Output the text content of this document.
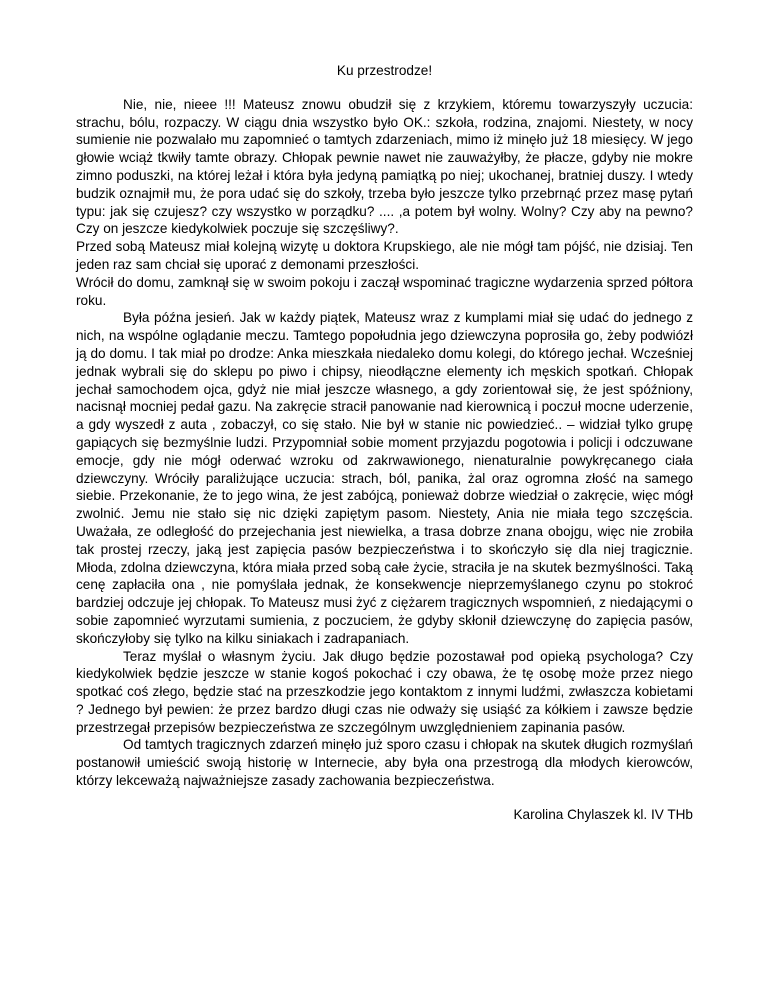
Ku przestrodze!

Nie, nie, nieee !!! Mateusz znowu obudził się z krzykiem, któremu towarzyszyły uczucia: strachu, bólu, rozpaczy. W ciągu dnia wszystko było OK.: szkoła, rodzina, znajomi. Niestety, w nocy sumienie nie pozwalało mu zapomnieć o tamtych zdarzeniach, mimo iż minęło już 18 miesięcy. W jego głowie wciąż tkwiły tamte obrazy. Chłopak pewnie nawet nie zauważyłby, że płacze, gdyby nie mokre zimno poduszki, na której leżał i która była jedyną pamiątką po niej; ukochanej, bratniej duszy. I wtedy budzik oznajmił mu, że pora udać się do szkoły, trzeba było jeszcze tylko przebrnąć przez masę pytań typu: jak się czujesz? czy wszystko w porządku? .... ,a potem był wolny. Wolny? Czy aby na pewno? Czy on jeszcze kiedykolwiek poczuje się szczęśliwy?.

Przed sobą Mateusz miał kolejną wizytę u doktora Krupskiego, ale nie mógł tam pójść, nie dzisiaj. Ten jeden raz sam chciał się uporać z demonami przeszłości.

Wrócił do domu, zamknął się w swoim pokoju i zaczął wspominać tragiczne wydarzenia sprzed półtora roku.

Była późna jesień. Jak w każdy piątek, Mateusz wraz z kumplami miał się udać do jednego z nich, na wspólne oglądanie meczu. Tamtego popołudnia jego dziewczyna poprosiła go, żeby podwiózł ją do domu. I tak miał po drodze: Anka mieszkała niedaleko domu kolegi, do którego jechał. Wcześniej jednak wybrali się do sklepu po piwo i chipsy, nieodłączne elementy ich męskich spotkań. Chłopak jechał samochodem ojca, gdyż nie miał jeszcze własnego, a gdy zorientował się, że jest spóźniony, nacisnął mocniej pedał gazu. Na zakręcie stracił panowanie nad kierownicą i poczuł mocne uderzenie, a gdy wyszedł z auta , zobaczył, co się stało. Nie był w stanie nic powiedzieć.. – widział tylko grupę gapiących się bezmyślnie ludzi. Przypomniał sobie moment przyjazdu pogotowia i policji i odczuwane emocje, gdy nie mógł oderwać wzroku od zakrwawionego, nienaturalnie powykręcanego ciała dziewczyny. Wróciły paraliżujące uczucia: strach, ból, panika, żal oraz ogromna złość na samego siebie. Przekonanie, że to jego wina, że jest zabójcą, ponieważ dobrze wiedział o zakręcie, więc mógł zwolnić. Jemu nie stało się nic dzięki zapiętym pasom. Niestety, Ania nie miała tego szczęścia. Uważała, ze odległość do przejechania jest niewielka, a trasa dobrze znana obojgu, więc nie zrobiła tak prostej rzeczy, jaką jest zapięcia pasów bezpieczeństwa i to skończyło się dla niej tragicznie. Młoda, zdolna dziewczyna, która miała przed sobą całe życie, straciła je na skutek bezmyślności. Taką cenę zapłaciła ona , nie pomyślała jednak, że konsekwencje nieprzemyślanego czynu po stokroć bardziej odczuje jej chłopak. To Mateusz musi żyć z ciężarem tragicznych wspomnień, z niedającymi o sobie zapomnieć wyrzutami sumienia, z poczuciem, że gdyby skłonił dziewczynę do zapięcia pasów, skończyłoby się tylko na kilku siniakach i zadrapaniach.

Teraz myślał o własnym życiu. Jak długo będzie pozostawał pod opieką psychologa? Czy kiedykolwiek będzie jeszcze w stanie kogoś pokochać i czy obawa, że tę osobę może przez niego spotkać coś złego, będzie stać na przeszkodzie jego kontaktom z innymi ludźmi, zwłaszcza kobietami ? Jednego był pewien: że przez bardzo długi czas nie odważy się usiąść za kółkiem i zawsze będzie przestrzegał przepisów bezpieczeństwa ze szczególnym uwzględnieniem zapinania pasów.

Od tamtych tragicznych zdarzeń minęło już sporo czasu i chłopak na skutek długich rozmyślań postanowił umieścić swoją historię w Internecie, aby była ona przestrogą dla młodych kierowców, którzy lekceważą najważniejsze zasady zachowania bezpieczeństwa.

Karolina Chylaszek kl. IV THb
